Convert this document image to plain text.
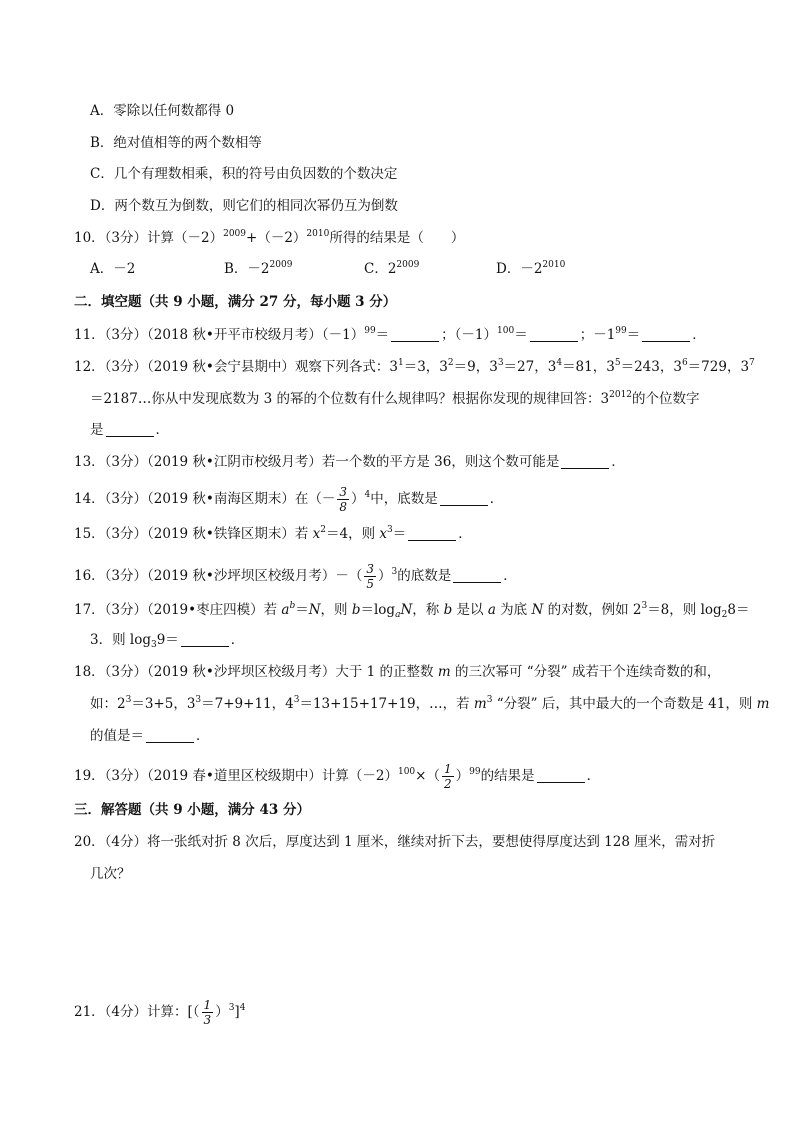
A．零除以任何数都得 0
B．绝对值相等的两个数相等
C．几个有理数相乘，积的符号由负因数的个数决定
D．两个数互为倒数，则它们的相同次幂仍互为倒数
10．（3分）计算$(-2)^{2009}+(-2)^{2010}$所得的结果是（　　）
A．－2	B．$-2^{2009}$	C．$2^{2009}$	D．$-2^{2010}$
二．填空题（共 9 小题，满分 27 分，每小题 3 分）
11．（3分）（2018 秋•开平市校级月考）$(-1)^{99}=$	；$(-1)^{100}=$	；$-1^{99}=$	．
12．（3分）（2019 秋•会宁县期中）观察下列各式：$3^1=3$，$3^2=9$，$3^3=27$，$3^4=81$，$3^5=243$，$3^6=729$，$3^7$
＝2187…你从中发现底数为 3 的幂的个位数有什么规律吗？根据你发现的规律回答：$3^{2012}$的个位数字
是	．
13．（3分）（2019 秋•江阴市校级月考）若一个数的平方是 36，则这个数可能是	．
14．（3分）（2019 秋•南海区期末）在（－ $\frac{3}{8} )^4$中，底数是	．
15．（3分）（2019 秋•铁锋区期末）若 $x^2=4$，则 $x^3=$	．
16．（3分）（2019 秋•沙坪坝区校级月考）－（ $\frac{3}{5} )^3$的底数是	．
17．（3分）（2019•枣庄四模）若 $a^b=N$，则 $b=\log_aN$，称 b 是以 a 为底 N 的对数，例如 $2^3=8$，则 $\log_28=$
3．则 $\log_39=$	．
18．（3分）（2019 秋•沙坪坝区校级月考）大于 1 的正整数 m 的三次幂可 “分裂” 成若干个连续奇数的和，
如：$2^3=3+5$，$3^3=7+9+11$，$4^3=13+15+17+19$，…，若 $m^3$ “分裂” 后，其中最大的一个奇数是 41，则 m
的值是＝	．
19．（3分）（2019 春•道里区校级期中）计算$(-2)^{100}\times( \frac{1}{2} )^{99}$的结果是	．
三．解答题（共 9 小题，满分 43 分）
20．（4分）将一张纸对折 8 次后，厚度达到 1 厘米，继续对折下去，要想使得厚度达到 128 厘米，需对折
几次？
21．（4分）计算：[（ $\frac{1}{3} )^3]^4$
